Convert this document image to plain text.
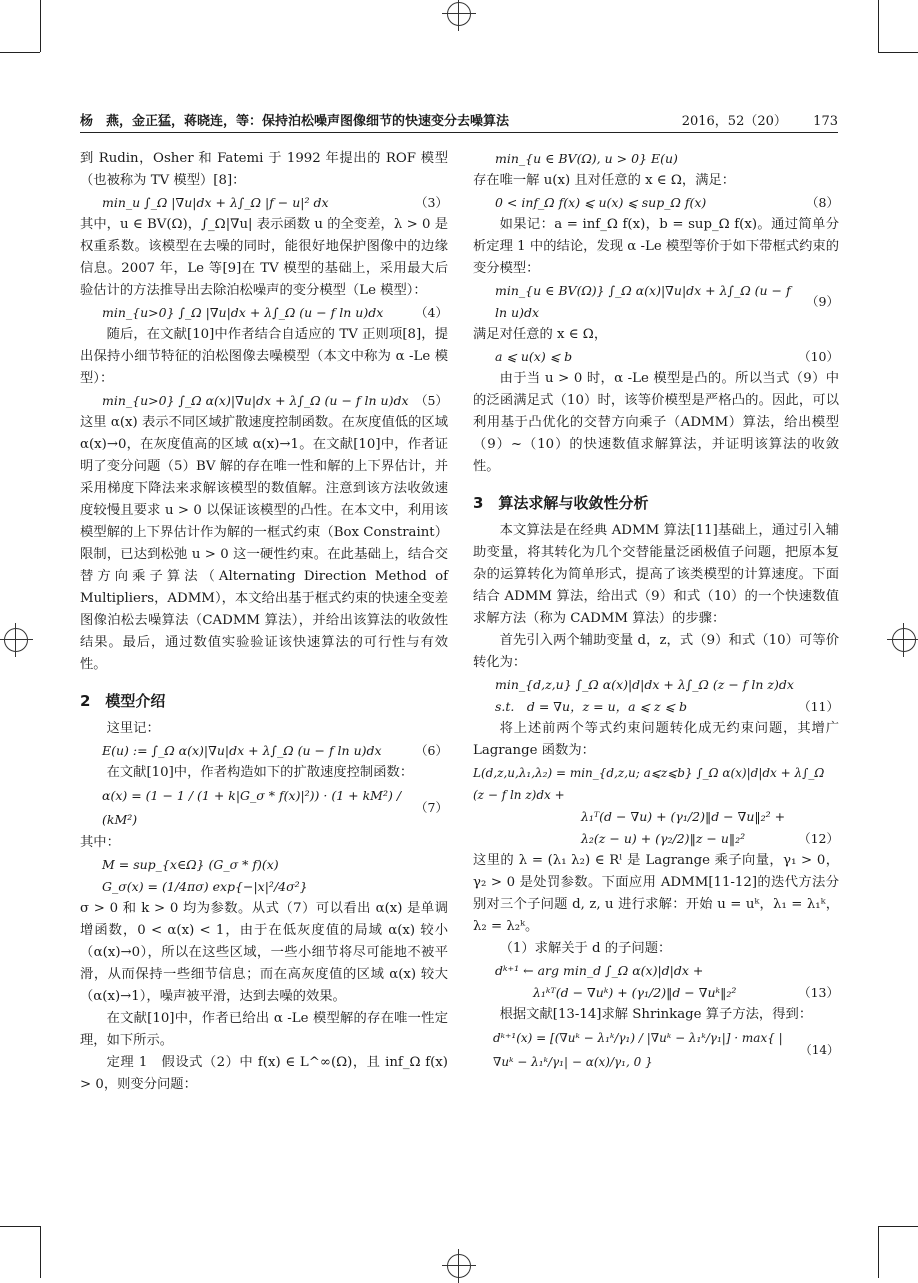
杨　燕，金正猛，蒋晓连，等：保持泊松噪声图像细节的快速变分去噪算法	2016，52（20） 173

到 Rudin，Osher 和 Fatemi 于 1992 年提出的 ROF 模型（也被称为 TV 模型）[8]：

min_u ∫_Ω |∇u|dx + λ∫_Ω |f − u|² dx	（3）

其中，u ∈ BV(Ω)，∫_Ω|∇u| 表示函数 u 的全变差，λ > 0 是权重系数。该模型在去噪的同时，能很好地保护图像中的边缘信息。2007 年，Le 等[9]在 TV 模型的基础上，采用最大后验估计的方法推导出去除泊松噪声的变分模型（Le 模型）：

min_{u>0} ∫_Ω |∇u|dx + λ∫_Ω (u − f ln u)dx	（4）

随后，在文献[10]中作者结合自适应的 TV 正则项[8]，提出保持小细节特征的泊松图像去噪模型（本文中称为 α -Le 模型）：

min_{u>0} ∫_Ω α(x)|∇u|dx + λ∫_Ω (u − f ln u)dx （5）

这里 α(x) 表示不同区域扩散速度控制函数。在灰度值低的区域 α(x)→0，在灰度值高的区域 α(x)→1。在文献[10]中，作者证明了变分问题（5）BV 解的存在唯一性和解的上下界估计，并采用梯度下降法来求解该模型的数值解。注意到该方法收敛速度较慢且要求 u > 0 以保证该模型的凸性。在本文中，利用该模型解的上下界估计作为解的一框式约束（Box Constraint）限制，已达到松弛 u > 0 这一硬性约束。在此基础上，结合交替方向乘子算法（Alternating Direction Method of Multipliers，ADMM），本文给出基于框式约束的快速全变差图像泊松去噪算法（CADMM 算法），并给出该算法的收敛性结果。最后，通过数值实验验证该快速算法的可行性与有效性。

2　模型介绍

这里记：

E(u) := ∫_Ω α(x)|∇u|dx + λ∫_Ω (u − f ln u)dx	（6）

在文献[10]中，作者构造如下的扩散速度控制函数：

α(x) = (1 − 1 / (1 + k|G_σ * f(x)|²)) · (1 + kM²) / (kM²)
（7）

其中：

M = sup_{x∈Ω} (G_σ * f)(x)
G_σ(x) = (1/4πσ) exp{−|x|²/4σ²}

σ > 0 和 k > 0 均为参数。从式（7）可以看出 α(x) 是单调增函数，0 < α(x) < 1，由于在低灰度值的局域 α(x) 较小（α(x)→0），所以在这些区域，一些小细节将尽可能地不被平滑，从而保持一些细节信息；而在高灰度值的区域 α(x) 较大（α(x)→1），噪声被平滑，达到去噪的效果。

在文献[10]中，作者已给出 α -Le 模型解的存在唯一性定理，如下所示。

定理 1　假设式（2）中 f(x) ∈ L^∞(Ω)，且 inf_Ω f(x) > 0，则变分问题：

min_{u ∈ BV(Ω), u > 0} E(u)

存在唯一解 u(x) 且对任意的 x ∈ Ω，满足：

0 < inf_Ω f(x) ⩽ u(x) ⩽ sup_Ω f(x)	（8）

如果记：a = inf_Ω f(x)，b = sup_Ω f(x)。通过简单分析定理 1 中的结论，发现 α -Le 模型等价于如下带框式约束的变分模型：

min_{u ∈ BV(Ω)} ∫_Ω α(x)|∇u|dx + λ∫_Ω (u − f ln u)dx
（9）

满足对任意的 x ∈ Ω，

a ⩽ u(x) ⩽ b	（10）

由于当 u > 0 时，α -Le 模型是凸的。所以当式（9）中的泛函满足式（10）时，该等价模型是严格凸的。因此，可以利用基于凸优化的交替方向乘子（ADMM）算法，给出模型（9）~（10）的快速数值求解算法，并证明该算法的收敛性。

3　算法求解与收敛性分析

本文算法是在经典 ADMM 算法[11]基础上，通过引入辅助变量，将其转化为几个交替能量泛函极值子问题，把原本复杂的运算转化为简单形式，提高了该类模型的计算速度。下面结合 ADMM 算法，给出式（9）和式（10）的一个快速数值求解方法（称为 CADMM 算法）的步骤：

首先引入两个辅助变量 d，z，式（9）和式（10）可等价转化为：

min_{d,z,u} ∫_Ω α(x)|d|dx + λ∫_Ω (z − f ln z)dx
s.t.　d = ∇u，z = u，a ⩽ z ⩽ b	（11）

将上述前两个等式约束问题转化成无约束问题，其增广 Lagrange 函数为：

L(d,z,u,λ₁,λ₂) = min_{d,z,u; a⩽z⩽b} ∫_Ω α(x)|d|dx + λ∫_Ω (z − f ln z)dx +
λ₁ᵀ(d − ∇u) + (γ₁/2)‖d − ∇u‖₂² +
λ₂(z − u) + (γ₂/2)‖z − u‖₂²	（12）

这里的 λ = (λ₁ λ₂) ∈ Rˡ 是 Lagrange 乘子向量，γ₁ > 0，γ₂ > 0 是处罚参数。下面应用 ADMM[11-12]的迭代方法分别对三个子问题 d, z, u 进行求解：开始 u = uᵏ，λ₁ = λ₁ᵏ，λ₂ = λ₂ᵏ。

（1）求解关于 d 的子问题：

dᵏ⁺¹ ← arg min_d ∫_Ω α(x)|d|dx +
λ₁ᵏᵀ(d − ∇uᵏ) + (γ₁/2)‖d − ∇uᵏ‖₂²	（13）

根据文献[13-14]求解 Shrinkage 算子方法，得到：

dᵏ⁺¹(x) = [(∇uᵏ − λ₁ᵏ/γ₁) / |∇uᵏ − λ₁ᵏ/γ₁|] · max{ |∇uᵏ − λ₁ᵏ/γ₁| − α(x)/γ₁, 0 }
（14）
